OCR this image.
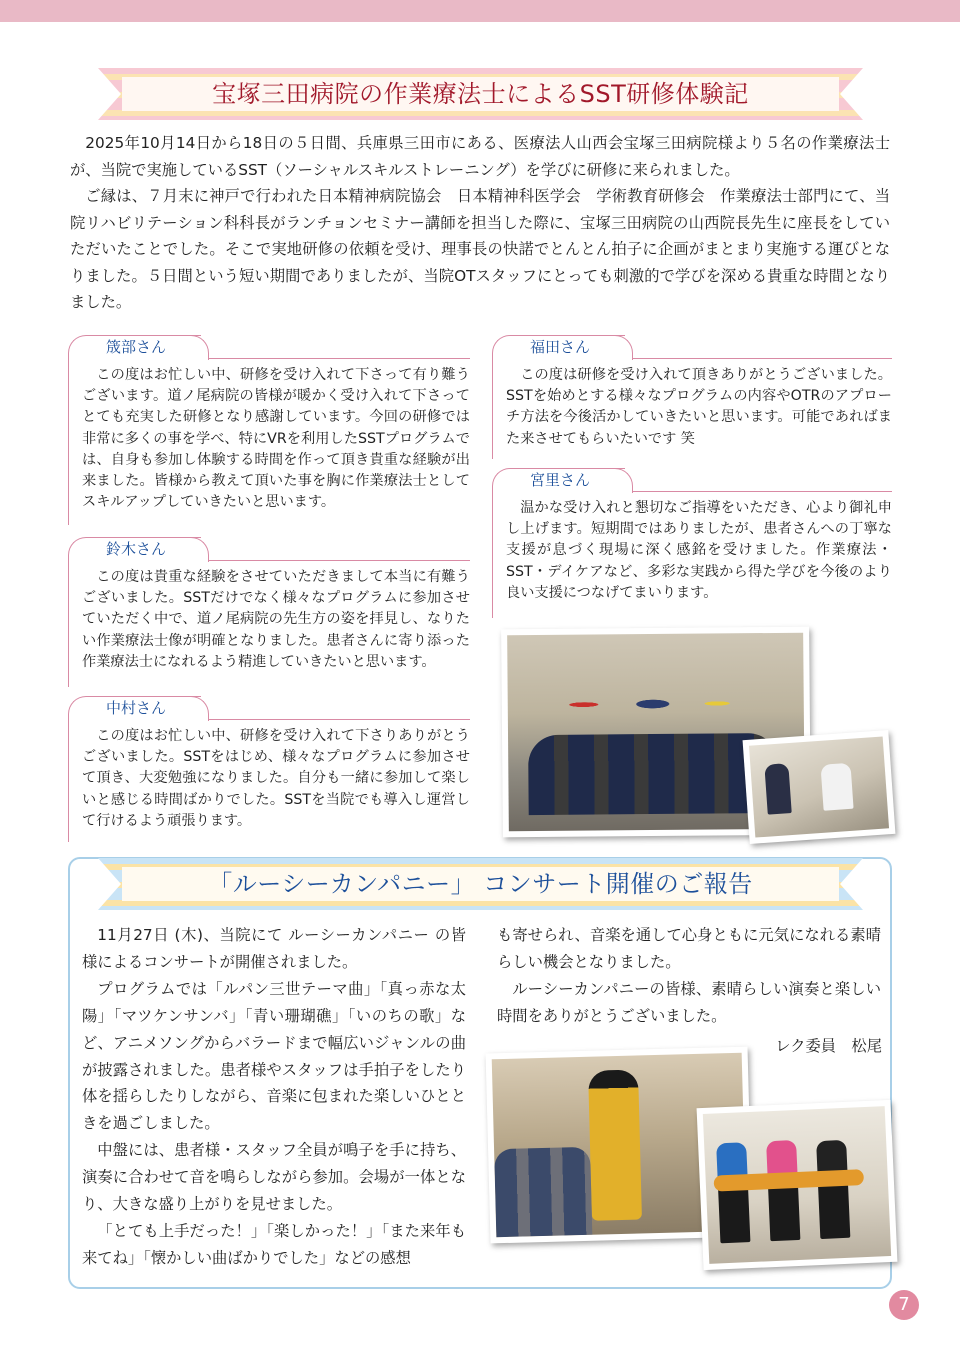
宝塚三田病院の作業療法士によるSST研修体験記

2025年10月14日から18日の５日間、兵庫県三田市にある、医療法人山西会宝塚三田病院様より５名の作業療法士が、当院で実施しているSST（ソーシャルスキルストレーニング）を学びに研修に来られました。

ご縁は、７月末に神戸で行われた日本精神病院協会　日本精神科医学会　学術教育研修会　作業療法士部門にて、当院リハビリテーション科科長がランチョンセミナー講師を担当した際に、宝塚三田病院の山西院長先生に座長をしていただいたことでした。そこで実地研修の依頼を受け、理事長の快諾でとんとん拍子に企画がまとまり実施する運びとなりました。５日間という短い期間でありましたが、当院OTスタッフにとっても刺激的で学びを深める貴重な時間となりました。

筬部さん

この度はお忙しい中、研修を受け入れて下さって有り難うございます。道ノ尾病院の皆様が暖かく受け入れて下さってとても充実した研修となり感謝しています。今回の研修では非常に多くの事を学べ、特にVRを利用したSSTプログラムでは、自身も参加し体験する時間を作って頂き貴重な経験が出来ました。皆様から教えて頂いた事を胸に作業療法士としてスキルアップしていきたいと思います。

鈴木さん

この度は貴重な経験をさせていただきまして本当に有難うございました。SSTだけでなく様々なプログラムに参加させていただく中で、道ノ尾病院の先生方の姿を拝見し、なりたい作業療法士像が明確となりました。患者さんに寄り添った作業療法士になれるよう精進していきたいと思います。

中村さん

この度はお忙しい中、研修を受け入れて下さりありがとうございました。SSTをはじめ、様々なプログラムに参加させて頂き、大変勉強になりました。自分も一緒に参加して楽しいと感じる時間ばかりでした。SSTを当院でも導入し運営して行けるよう頑張ります。

福田さん

この度は研修を受け入れて頂きありがとうございました。SSTを始めとする様々なプログラムの内容やOTRのアプローチ方法を今後活かしていきたいと思います。可能であればまた来させてもらいたいです 笑

宮里さん

温かな受け入れと懇切なご指導をいただき、心より御礼申し上げます。短期間ではありましたが、患者さんへの丁寧な支援が息づく現場に深く感銘を受けました。作業療法・SST・デイケアなど、多彩な実践から得た学びを今後のより良い支援につなげてまいります。

「ルーシーカンパニー」 コンサート開催のご報告

11月27日 (木)、当院にて ルーシーカンパニー の皆様によるコンサートが開催されました。

プログラムでは「ルパン三世テーマ曲」「真っ赤な太陽」「マツケンサンバ」「青い珊瑚礁」「いのちの歌」など、アニメソングからバラードまで幅広いジャンルの曲が披露されました。患者様やスタッフは手拍子をしたり体を揺らしたりしながら、音楽に包まれた楽しいひとときを過ごしました。

中盤には、患者様・スタッフ全員が鳴子を手に持ち、演奏に合わせて音を鳴らしながら参加。会場が一体となり、大きな盛り上がりを見せました。

「とても上手だった！」「楽しかった！」「また来年も来てね」「懐かしい曲ばかりでした」などの感想

も寄せられ、音楽を通して心身ともに元気になれる素晴らしい機会となりました。

ルーシーカンパニーの皆様、素晴らしい演奏と楽しい時間をありがとうございました。

レク委員　松尾
7
